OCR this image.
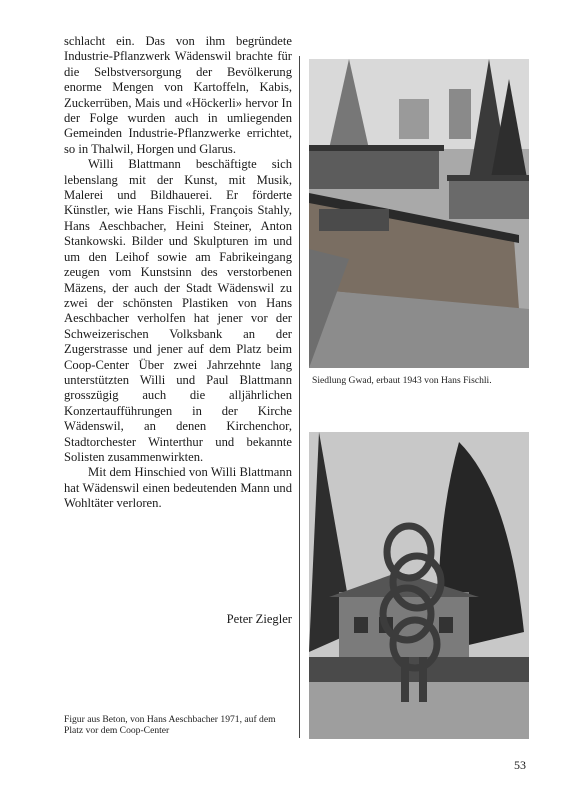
schlacht ein. Das von ihm begründete Industrie-Pflanzwerk Wädenswil brachte für die Selbstversorgung der Bevölkerung enorme Mengen von Kartoffeln, Kabis, Zuckerrüben, Mais und «Höckerli» hervor In der Folge wurden auch in umliegenden Gemeinden Industrie-Pflanzwerke errichtet, so in Thalwil, Horgen und Glarus.

Willi Blattmann beschäftigte sich lebenslang mit der Kunst, mit Musik, Malerei und Bildhauerei. Er förderte Künstler, wie Hans Fischli, François Stahly, Hans Aeschbacher, Heini Steiner, Anton Stankowski. Bilder und Skulpturen im und um den Leihof sowie am Fabrikeingang zeugen vom Kunstsinn des verstorbenen Mäzens, der auch der Stadt Wädenswil zu zwei der schönsten Plastiken von Hans Aeschbacher verholfen hat jener vor der Schweizerischen Volksbank an der Zugerstrasse und jener auf dem Platz beim Coop-Center Über zwei Jahrzehnte lang unterstützten Willi und Paul Blattmann grosszügig auch die alljährlichen Konzertaufführungen in der Kirche Wädenswil, an denen Kirchenchor, Stadtorchester Winterthur und bekannte Solisten zusammenwirkten.

Mit dem Hinschied von Willi Blattmann hat Wädenswil einen bedeutenden Mann und Wohltäter verloren.

Peter Ziegler
Siedlung Gwad, erbaut 1943 von Hans Fischli.
Figur aus Beton, von Hans Aeschbacher 1971, auf dem Platz vor dem Coop-Center
53
